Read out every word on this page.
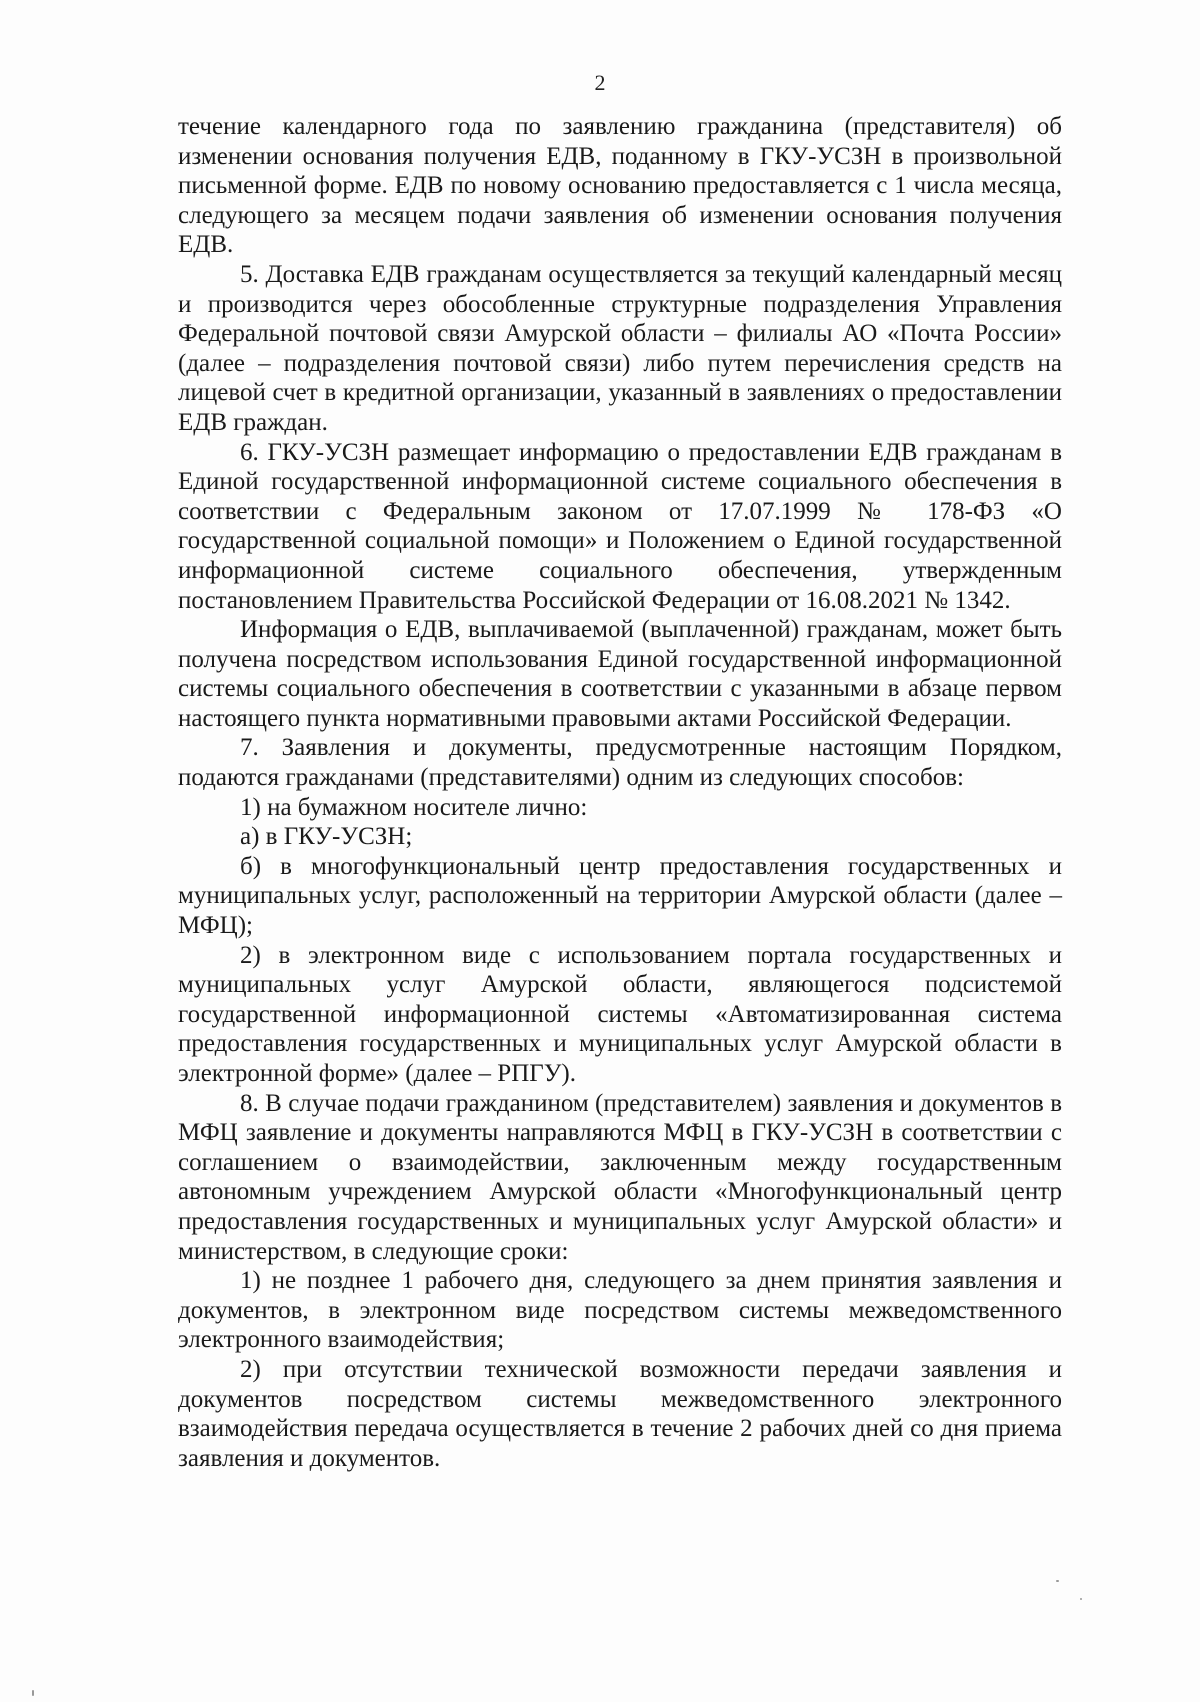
2

течение календарного года по заявлению гражданина (представителя) об изменении основания получения ЕДВ, поданному в ГКУ-УСЗН в произвольной письменной форме. ЕДВ по новому основанию предоставляется с 1 числа месяца, следующего за месяцем подачи заявления об изменении основания получения ЕДВ.

5. Доставка ЕДВ гражданам осуществляется за текущий календарный месяц и производится через обособленные структурные подразделения Управления Федеральной почтовой связи Амурской области – филиалы АО «Почта России» (далее – подразделения почтовой связи) либо путем перечисления средств на лицевой счет в кредитной организации, указанный в заявлениях о предоставлении ЕДВ граждан.

6. ГКУ-УСЗН размещает информацию о предоставлении ЕДВ гражданам в Единой государственной информационной системе социального обеспечения в соответствии с Федеральным законом от 17.07.1999 № 178-ФЗ «О государственной социальной помощи» и Положением о Единой государственной информационной системе социального обеспечения, утвержденным постановлением Правительства Российской Федерации от 16.08.2021 № 1342.

Информация о ЕДВ, выплачиваемой (выплаченной) гражданам, может быть получена посредством использования Единой государственной информационной системы социального обеспечения в соответствии с указанными в абзаце первом настоящего пункта нормативными правовыми актами Российской Федерации.

7. Заявления и документы, предусмотренные настоящим Порядком, подаются гражданами (представителями) одним из следующих способов:

1) на бумажном носителе лично:

а) в ГКУ-УСЗН;

б) в многофункциональный центр предоставления государственных и муниципальных услуг, расположенный на территории Амурской области (далее – МФЦ);

2) в электронном виде с использованием портала государственных и муниципальных услуг Амурской области, являющегося подсистемой государственной информационной системы «Автоматизированная система предоставления государственных и муниципальных услуг Амурской области в электронной форме» (далее – РПГУ).

8. В случае подачи гражданином (представителем) заявления и документов в МФЦ заявление и документы направляются МФЦ в ГКУ-УСЗН в соответствии с соглашением о взаимодействии, заключенным между государственным автономным учреждением Амурской области «Многофункциональный центр предоставления государственных и муниципальных услуг Амурской области» и министерством, в следующие сроки:

1) не позднее 1 рабочего дня, следующего за днем принятия заявления и документов, в электронном виде посредством системы межведомственного электронного взаимодействия;

2) при отсутствии технической возможности передачи заявления и документов посредством системы межведомственного электронного взаимодействия передача осуществляется в течение 2 рабочих дней со дня приема заявления и документов.
